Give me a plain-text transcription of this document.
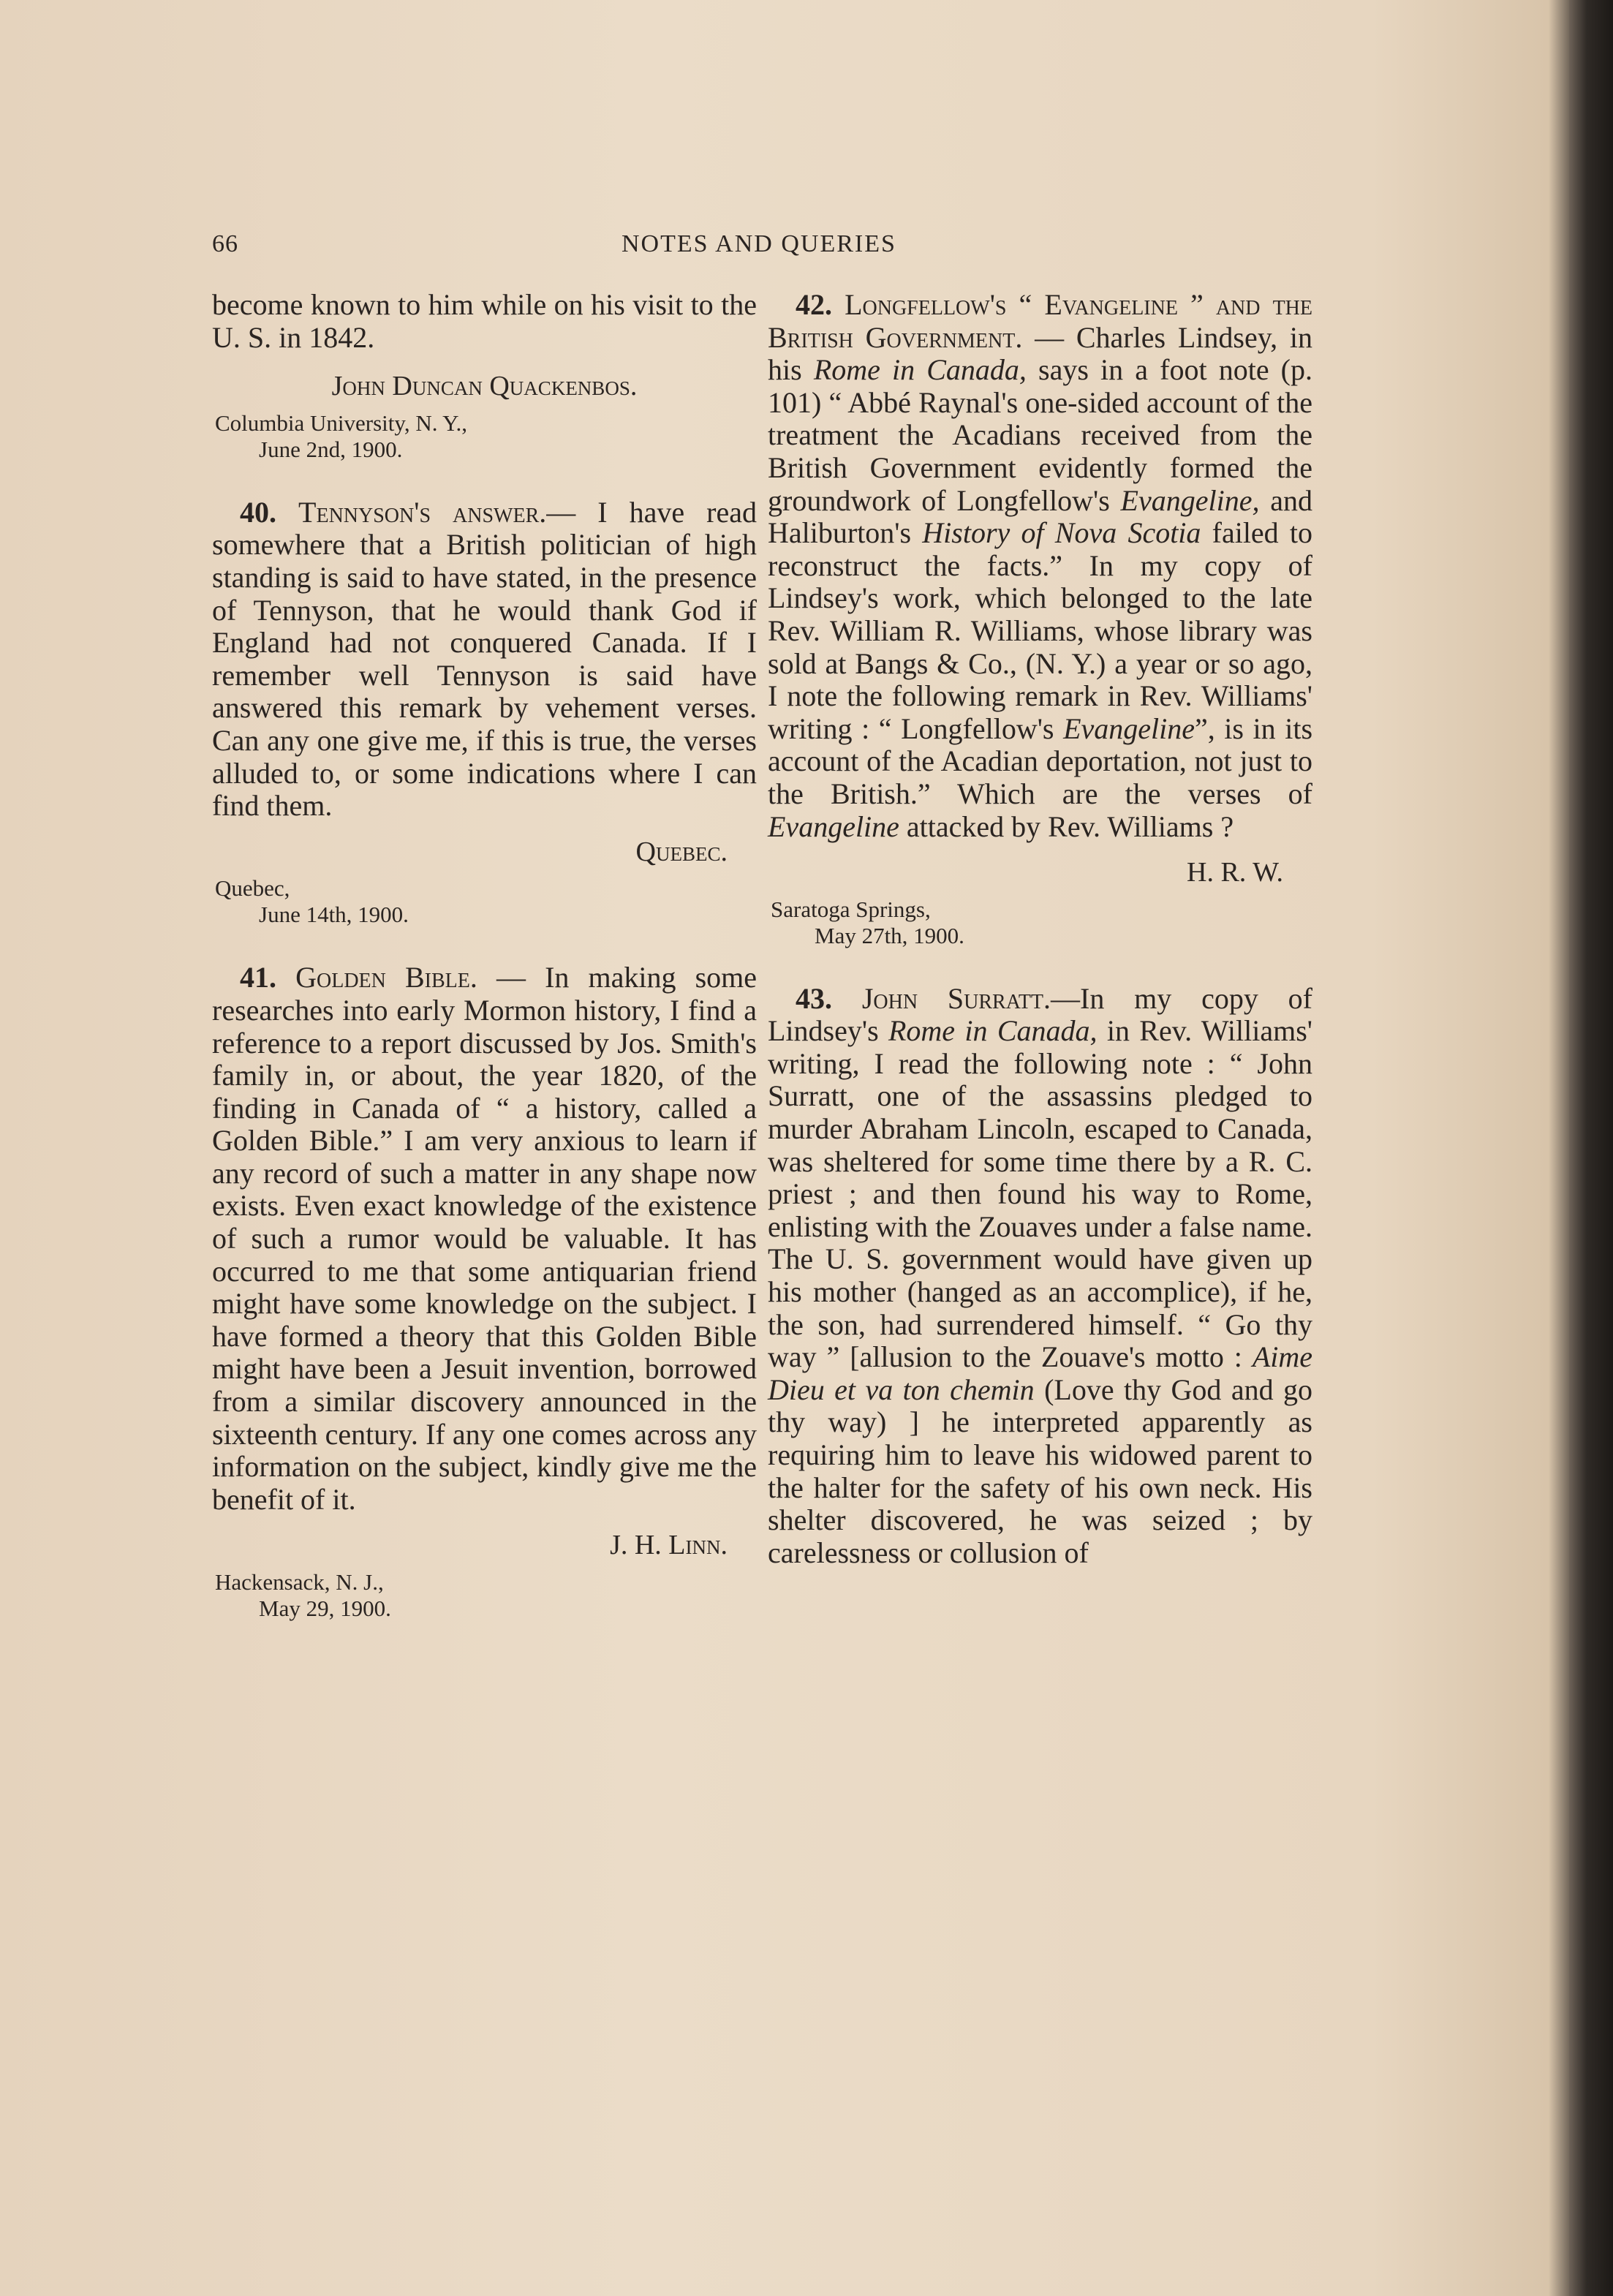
66	NOTES AND QUERIES

become known to him while on his visit to the U. S. in 1842.

John Duncan Quackenbos.
Columbia University, N. Y.,
June 2nd, 1900.

40. Tennyson's answer.— I have read somewhere that a British politician of high standing is said to have stated, in the presence of Tennyson, that he would thank God if England had not conquered Canada. If I remember well Tennyson is said have answered this remark by vehement verses. Can any one give me, if this is true, the verses alluded to, or some indications where I can find them.

Quebec.
Quebec,
June 14th, 1900.

41. Golden Bible. — In making some researches into early Mormon history, I find a reference to a report discussed by Jos. Smith's family in, or about, the year 1820, of the finding in Canada of “ a history, called a Golden Bible.” I am very anxious to learn if any record of such a matter in any shape now exists. Even exact knowledge of the existence of such a rumor would be valuable. It has occurred to me that some antiquarian friend might have some knowledge on the subject. I have formed a theory that this Golden Bible might have been a Jesuit invention, borrowed from a similar discovery announced in the sixteenth century. If any one comes across any information on the subject, kindly give me the benefit of it.

J. H. Linn.
Hackensack, N. J.,
May 29, 1900.

42. Longfellow's “ Evangeline ” and the British Government. — Charles Lindsey, in his Rome in Canada, says in a foot note (p. 101) “ Abbé Raynal's one-sided account of the treatment the Acadians received from the British Government evidently formed the groundwork of Longfellow's Evangeline, and Haliburton's History of Nova Scotia failed to reconstruct the facts.” In my copy of Lindsey's work, which belonged to the late Rev. William R. Williams, whose library was sold at Bangs & Co., (N. Y.) a year or so ago, I note the following remark in Rev. Williams' writing : “ Longfellow's Evangeline”, is in its account of the Acadian deportation, not just to the British.” Which are the verses of Evangeline attacked by Rev. Williams ?

H. R. W.
Saratoga Springs,
May 27th, 1900.

43. John Surratt.—In my copy of Lindsey's Rome in Canada, in Rev. Williams' writing, I read the following note : “ John Surratt, one of the assassins pledged to murder Abraham Lincoln, escaped to Canada, was sheltered for some time there by a R. C. priest ; and then found his way to Rome, enlisting with the Zouaves under a false name. The U. S. government would have given up his mother (hanged as an accomplice), if he, the son, had surrendered himself. “ Go thy way ” [allusion to the Zouave's motto : Aime Dieu et va ton chemin (Love thy God and go thy way) ] he interpreted apparently as requiring him to leave his widowed parent to the halter for the safety of his own neck. His shelter discovered, he was seized ; by carelessness or collusion of
